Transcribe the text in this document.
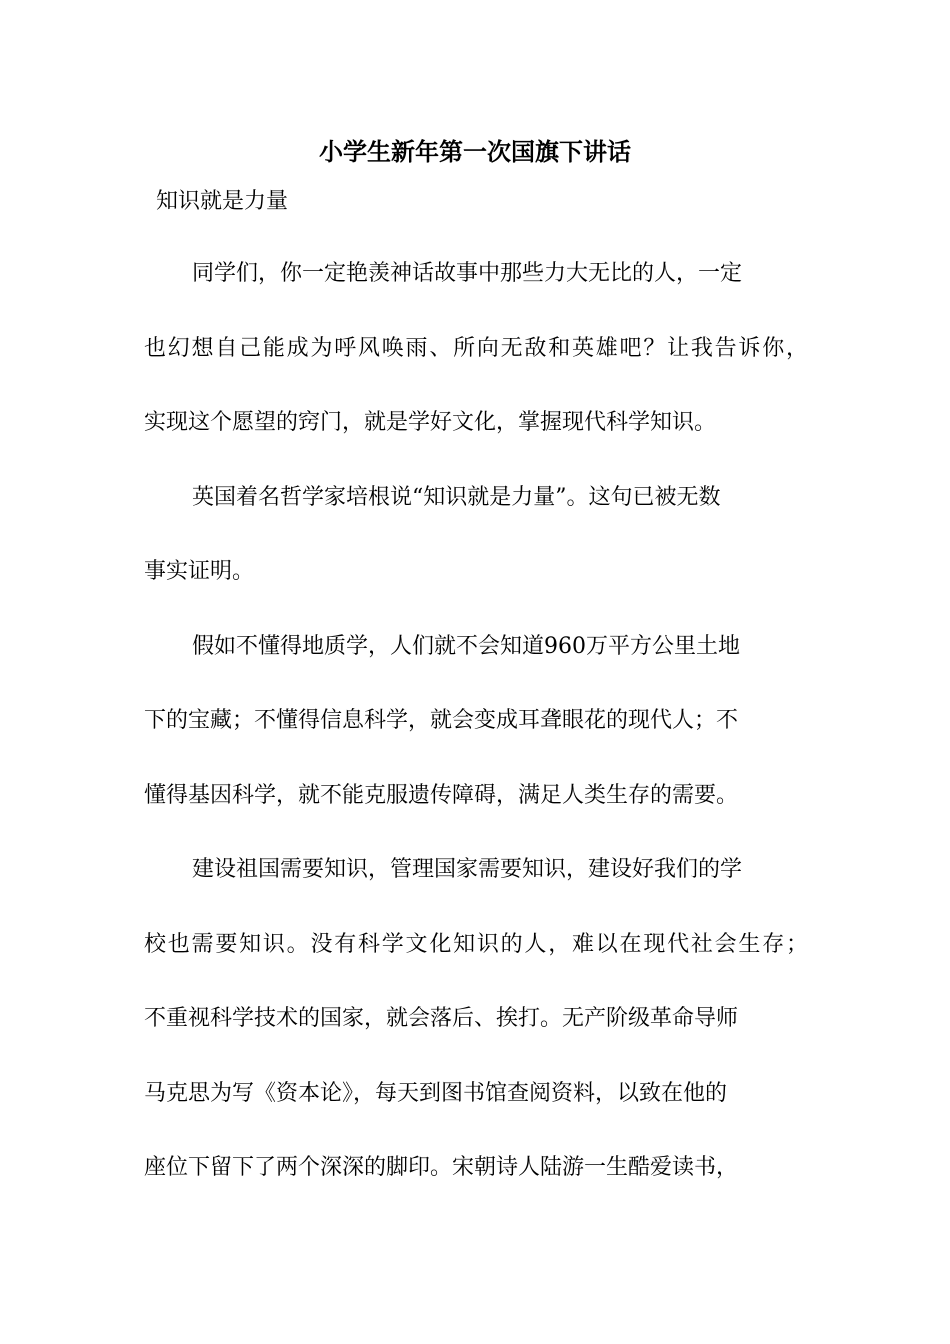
小学生新年第一次国旗下讲话
知识就是力量
同学们，你一定艳羡神话故事中那些力大无比的人，一定
也幻想自己能成为呼风唤雨、所向无敌和英雄吧？让我告诉你，
实现这个愿望的窍门，就是学好文化，掌握现代科学知识。
英国着名哲学家培根说“知识就是力量”。这句已被无数
事实证明。
假如不懂得地质学，人们就不会知道960万平方公里土地
下的宝藏；不懂得信息科学，就会变成耳聋眼花的现代人；不
懂得基因科学，就不能克服遗传障碍，满足人类生存的需要。
建设祖国需要知识，管理国家需要知识，建设好我们的学
校也需要知识。没有科学文化知识的人，难以在现代社会生存；
不重视科学技术的国家，就会落后、挨打。无产阶级革命导师
马克思为写《资本论》，每天到图书馆查阅资料，以致在他的
座位下留下了两个深深的脚印。宋朝诗人陆游一生酷爱读书，
